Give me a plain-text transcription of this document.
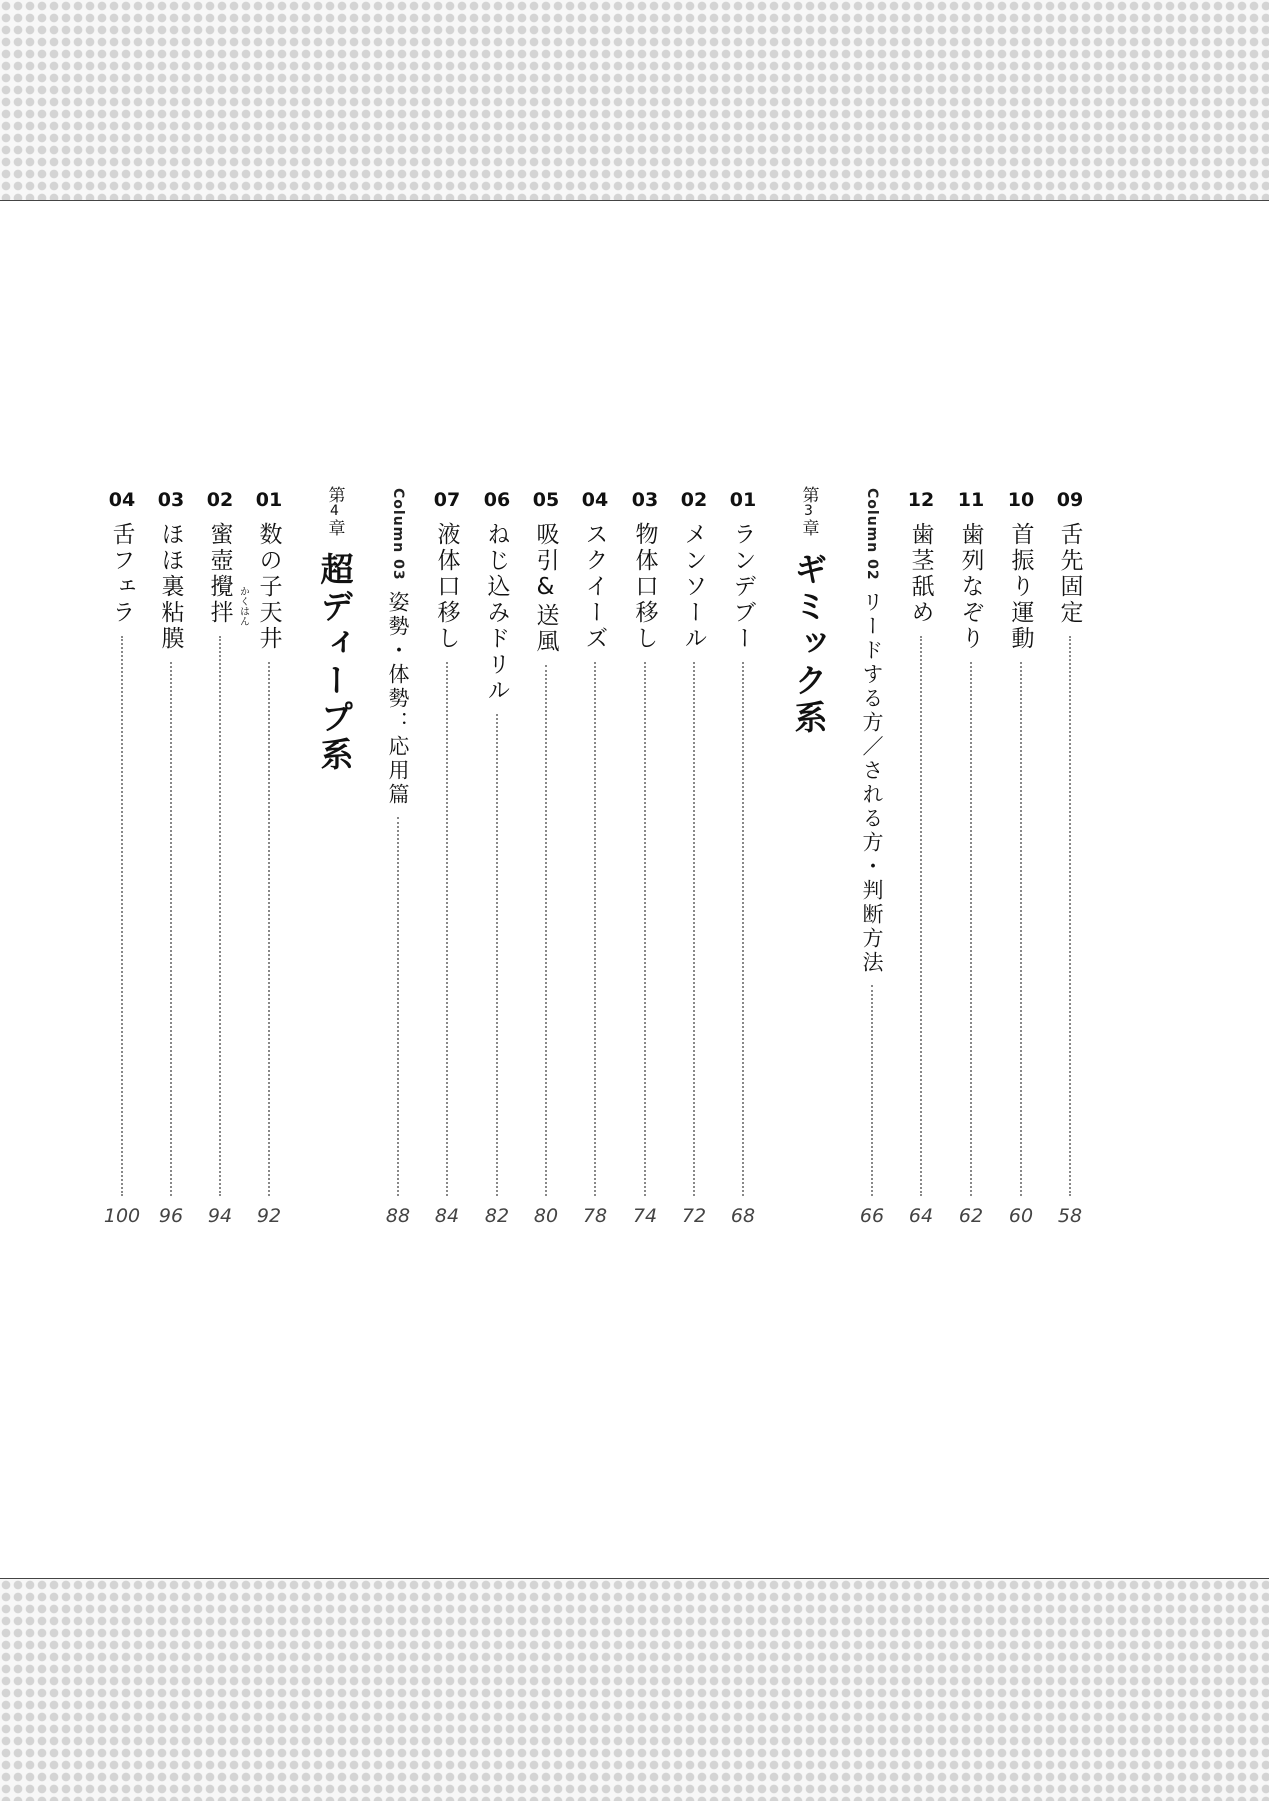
09
舌先固定
58
10
首振り運動
60
11
歯列なぞり
62
12
歯茎舐め
64
Column 02
リードする方／される方・判断方法
66
第3章
ギミック系
01
ランデブー
68
02
メンソール
72
03
物体口移し
74
04
スクイーズ
78
05
吸引&送風
80
06
ねじ込みドリル
82
07
液体口移し
84
Column 03
姿勢・体勢：応用篇
88
第4章
超ディープ系
01
数の子天井
92
02
蜜壺攪拌 かくはん
94
03
ほほ裏粘膜
96
04
舌フェラ
100
